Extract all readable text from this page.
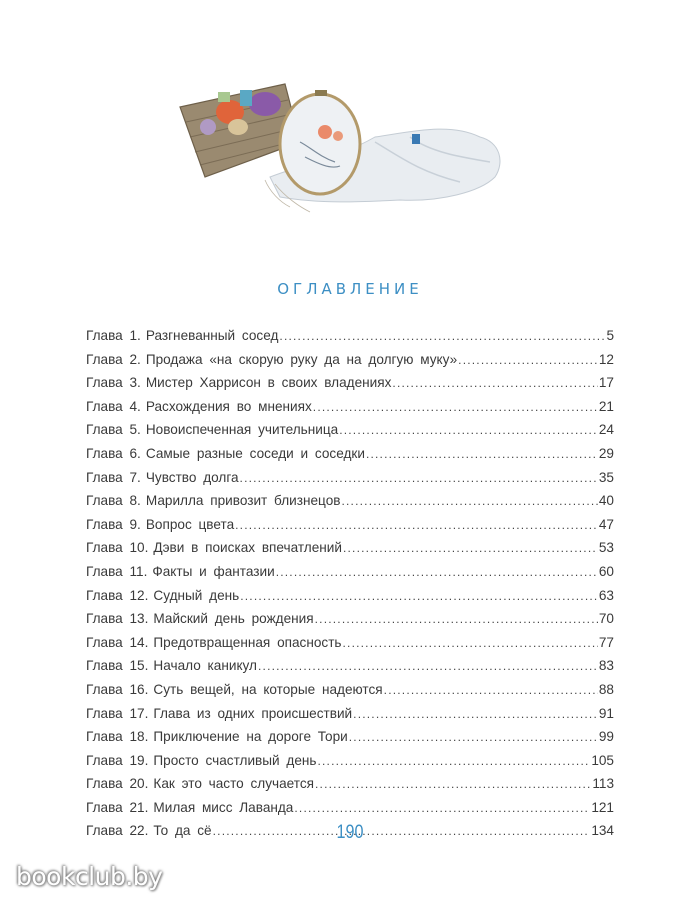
ОГЛАВЛЕНИЕ
Глава 1. Разгневанный сосед .....	5
Глава 2. Продажа «на скорую руку да на долгую муку» .....	12
Глава 3. Мистер Харрисон в своих владениях .....	17
Глава 4. Расхождения во мнениях .....	21
Глава 5. Новоиспеченная учительница .....	24
Глава 6. Самые разные соседи и соседки .....	29
Глава 7. Чувство долга .....	35
Глава 8. Марилла привозит близнецов .....	40
Глава 9. Вопрос цвета .....	47
Глава 10. Дэви в поисках впечатлений .....	53
Глава 11. Факты и фантазии .....	60
Глава 12. Судный день .....	63
Глава 13. Майский день рождения .....	70
Глава 14. Предотвращенная опасность .....	77
Глава 15. Начало каникул .....	83
Глава 16. Суть вещей, на которые надеются .....	88
Глава 17. Глава из одних происшествий .....	91
Глава 18. Приключение на дороге Тори .....	99
Глава 19. Просто счастливый день .....	105
Глава 20. Как это часто случается .....	113
Глава 21. Милая мисс Лаванда .....	121
Глава 22. То да сё .....	134
190
bookclub.by
